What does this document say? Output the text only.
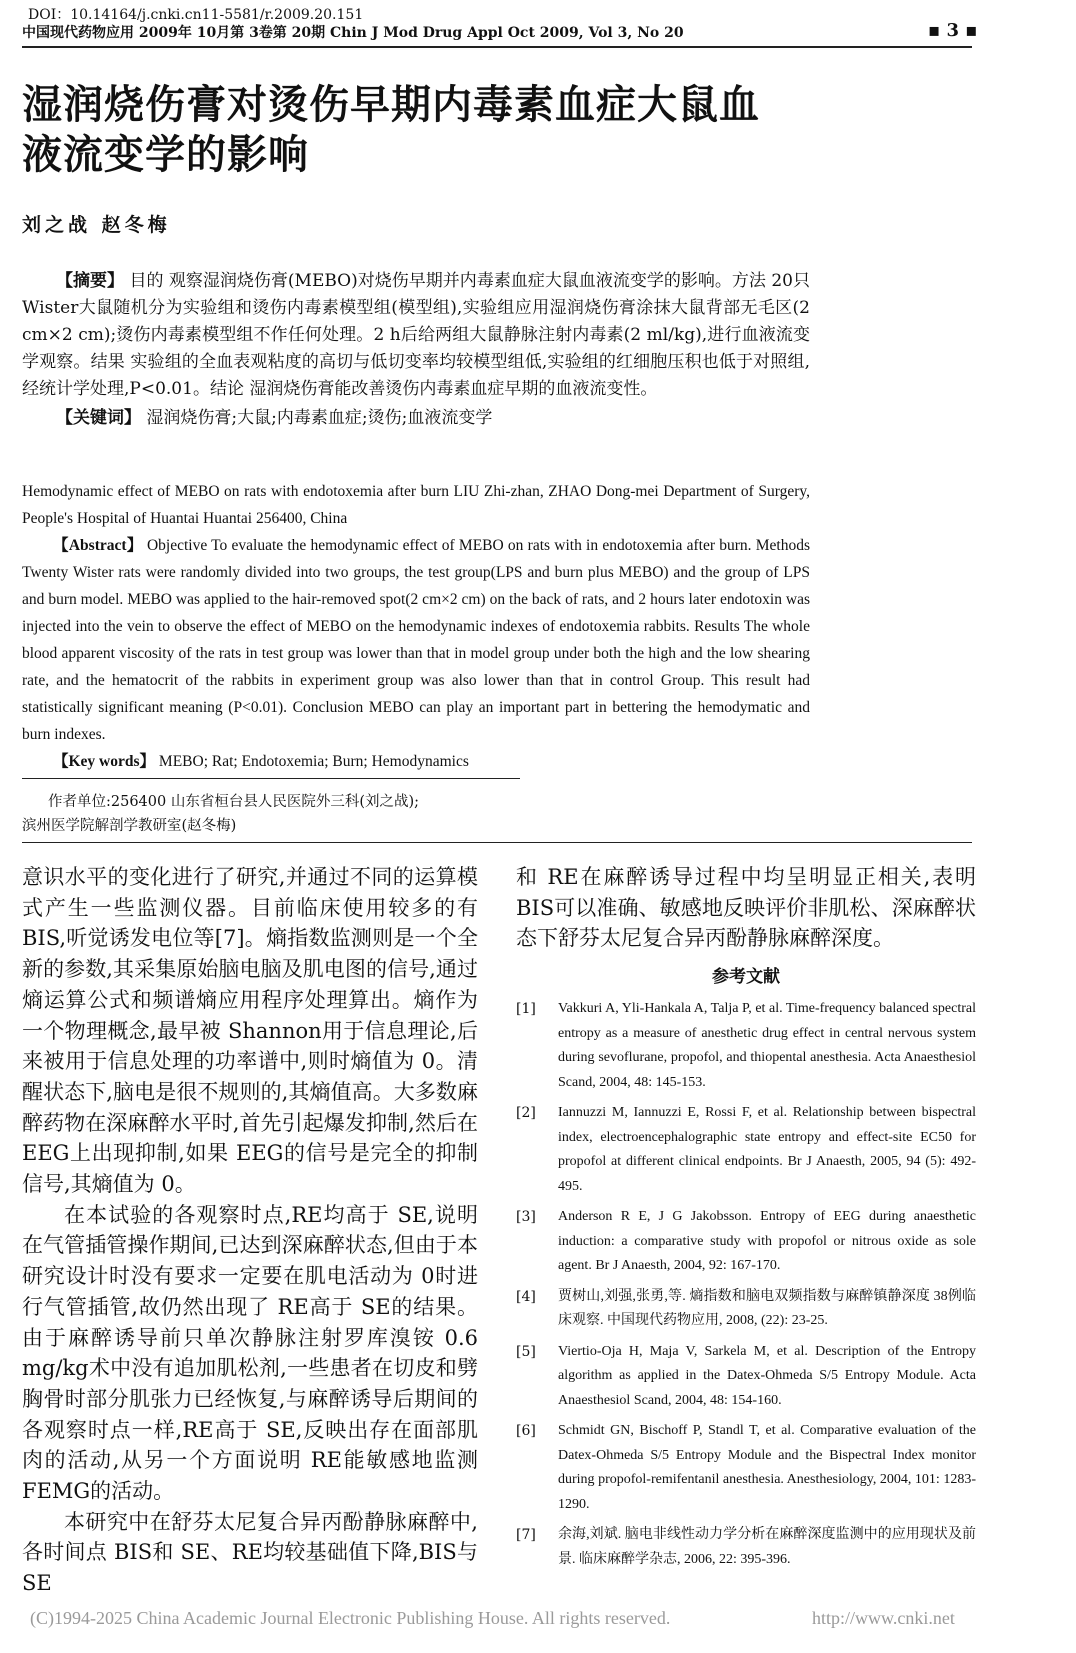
DOI：10.14164/j.cnki.cn11-5581/r.2009.20.151
中国现代药物应用 2009年 10月第 3卷第 20期 Chin J Mod Drug Appl Oct 2009, Vol 3, No 20	▪ 3 ▪
湿润烧伤膏对烫伤早期内毒素血症大鼠血
液流变学的影响
刘之战 赵冬梅

【摘要】 目的 观察湿润烧伤膏(MEBO)对烧伤早期并内毒素血症大鼠血液流变学的影响。方法 20只 Wister大鼠随机分为实验组和烫伤内毒素模型组(模型组),实验组应用湿润烧伤膏涂抹大鼠背部无毛区(2 cm×2 cm);烫伤内毒素模型组不作任何处理。2 h后给两组大鼠静脉注射内毒素(2 ml/kg),进行血液流变学观察。结果 实验组的全血表观粘度的高切与低切变率均较模型组低,实验组的红细胞压积也低于对照组,经统计学处理,P<0.01。结论 湿润烧伤膏能改善烫伤内毒素血症早期的血液流变性。

【关键词】 湿润烧伤膏;大鼠;内毒素血症;烫伤;血液流变学

Hemodynamic effect of MEBO on rats with endotoxemia after burn LIU Zhi-zhan, ZHAO Dong-mei Department of Surgery, People's Hospital of Huantai Huantai 256400, China

【Abstract】 Objective To evaluate the hemodynamic effect of MEBO on rats with in endotoxemia after burn. Methods Twenty Wister rats were randomly divided into two groups, the test group(LPS and burn plus MEBO) and the group of LPS and burn model. MEBO was applied to the hair-removed spot(2 cm×2 cm) on the back of rats, and 2 hours later endotoxin was injected into the vein to observe the effect of MEBO on the hemodynamic indexes of endotoxemia rabbits. Results The whole blood apparent viscosity of the rats in test group was lower than that in model group under both the high and the low shearing rate, and the hematocrit of the rabbits in experiment group was also lower than that in control Group. This result had statistically significant meaning (P<0.01). Conclusion MEBO can play an important part in bettering the hemodymatic and burn indexes.

【Key words】 MEBO; Rat; Endotoxemia; Burn; Hemodynamics

作者单位:256400 山东省桓台县人民医院外三科(刘之战);
滨州医学院解剖学教研室(赵冬梅)

意识水平的变化进行了研究,并通过不同的运算模式产生一些监测仪器。目前临床使用较多的有BIS,听觉诱发电位等[7]。熵指数监测则是一个全新的参数,其采集原始脑电脑及肌电图的信号,通过熵运算公式和频谱熵应用程序处理算出。熵作为一个物理概念,最早被 Shannon用于信息理论,后来被用于信息处理的功率谱中,则时熵值为 0。清醒状态下,脑电是很不规则的,其熵值高。大多数麻醉药物在深麻醉水平时,首先引起爆发抑制,然后在 EEG上出现抑制,如果 EEG的信号是完全的抑制信号,其熵值为 0。

在本试验的各观察时点,RE均高于 SE,说明在气管插管操作期间,已达到深麻醉状态,但由于本研究设计时没有要求一定要在肌电活动为 0时进行气管插管,故仍然出现了 RE高于 SE的结果。由于麻醉诱导前只单次静脉注射罗库溴铵 0.6 mg/kg术中没有追加肌松剂,一些患者在切皮和劈胸骨时部分肌张力已经恢复,与麻醉诱导后期间的各观察时点一样,RE高于 SE,反映出存在面部肌肉的活动,从另一个方面说明 RE能敏感地监测 FEMG的活动。

本研究中在舒芬太尼复合异丙酚静脉麻醉中,各时间点 BIS和 SE、RE均较基础值下降,BIS与 SE

和 RE在麻醉诱导过程中均呈明显正相关,表明 BIS可以准确、敏感地反映评价非肌松、深麻醉状态下舒芬太尼复合异丙酚静脉麻醉深度。

参考文献
[1]	Vakkuri A, Yli-Hankala A, Talja P, et al. Time-frequency balanced spectral entropy as a measure of anesthetic drug effect in central nervous system during sevoflurane, propofol, and thiopental anesthesia. Acta Anaesthesiol Scand, 2004, 48: 145-153.
[2]	Iannuzzi M, Iannuzzi E, Rossi F, et al. Relationship between bispectral index, electroencephalographic state entropy and effect-site EC50 for propofol at different clinical endpoints. Br J Anaesth, 2005, 94 (5): 492-495.
[3]	Anderson R E, J G Jakobsson. Entropy of EEG during anaesthetic induction: a comparative study with propofol or nitrous oxide as sole agent. Br J Anaesth, 2004, 92: 167-170.
[4]	贾树山,刘强,张勇,等. 熵指数和脑电双频指数与麻醉镇静深度 38例临床观察. 中国现代药物应用, 2008, (22): 23-25.
[5]	Viertio-Oja H, Maja V, Sarkela M, et al. Description of the Entropy algorithm as applied in the Datex-Ohmeda S/5 Entropy Module. Acta Anaesthesiol Scand, 2004, 48: 154-160.
[6]	Schmidt GN, Bischoff P, Standl T, et al. Comparative evaluation of the Datex-Ohmeda S/5 Entropy Module and the Bispectral Index monitor during propofol-remifentanil anesthesia. Anesthesiology, 2004, 101: 1283-1290.
[7]	余海,刘斌. 脑电非线性动力学分析在麻醉深度监测中的应用现状及前景. 临床麻醉学杂志, 2006, 22: 395-396.
(C)1994-2025 China Academic Journal Electronic Publishing House. All rights reserved.	http://www.cnki.net
